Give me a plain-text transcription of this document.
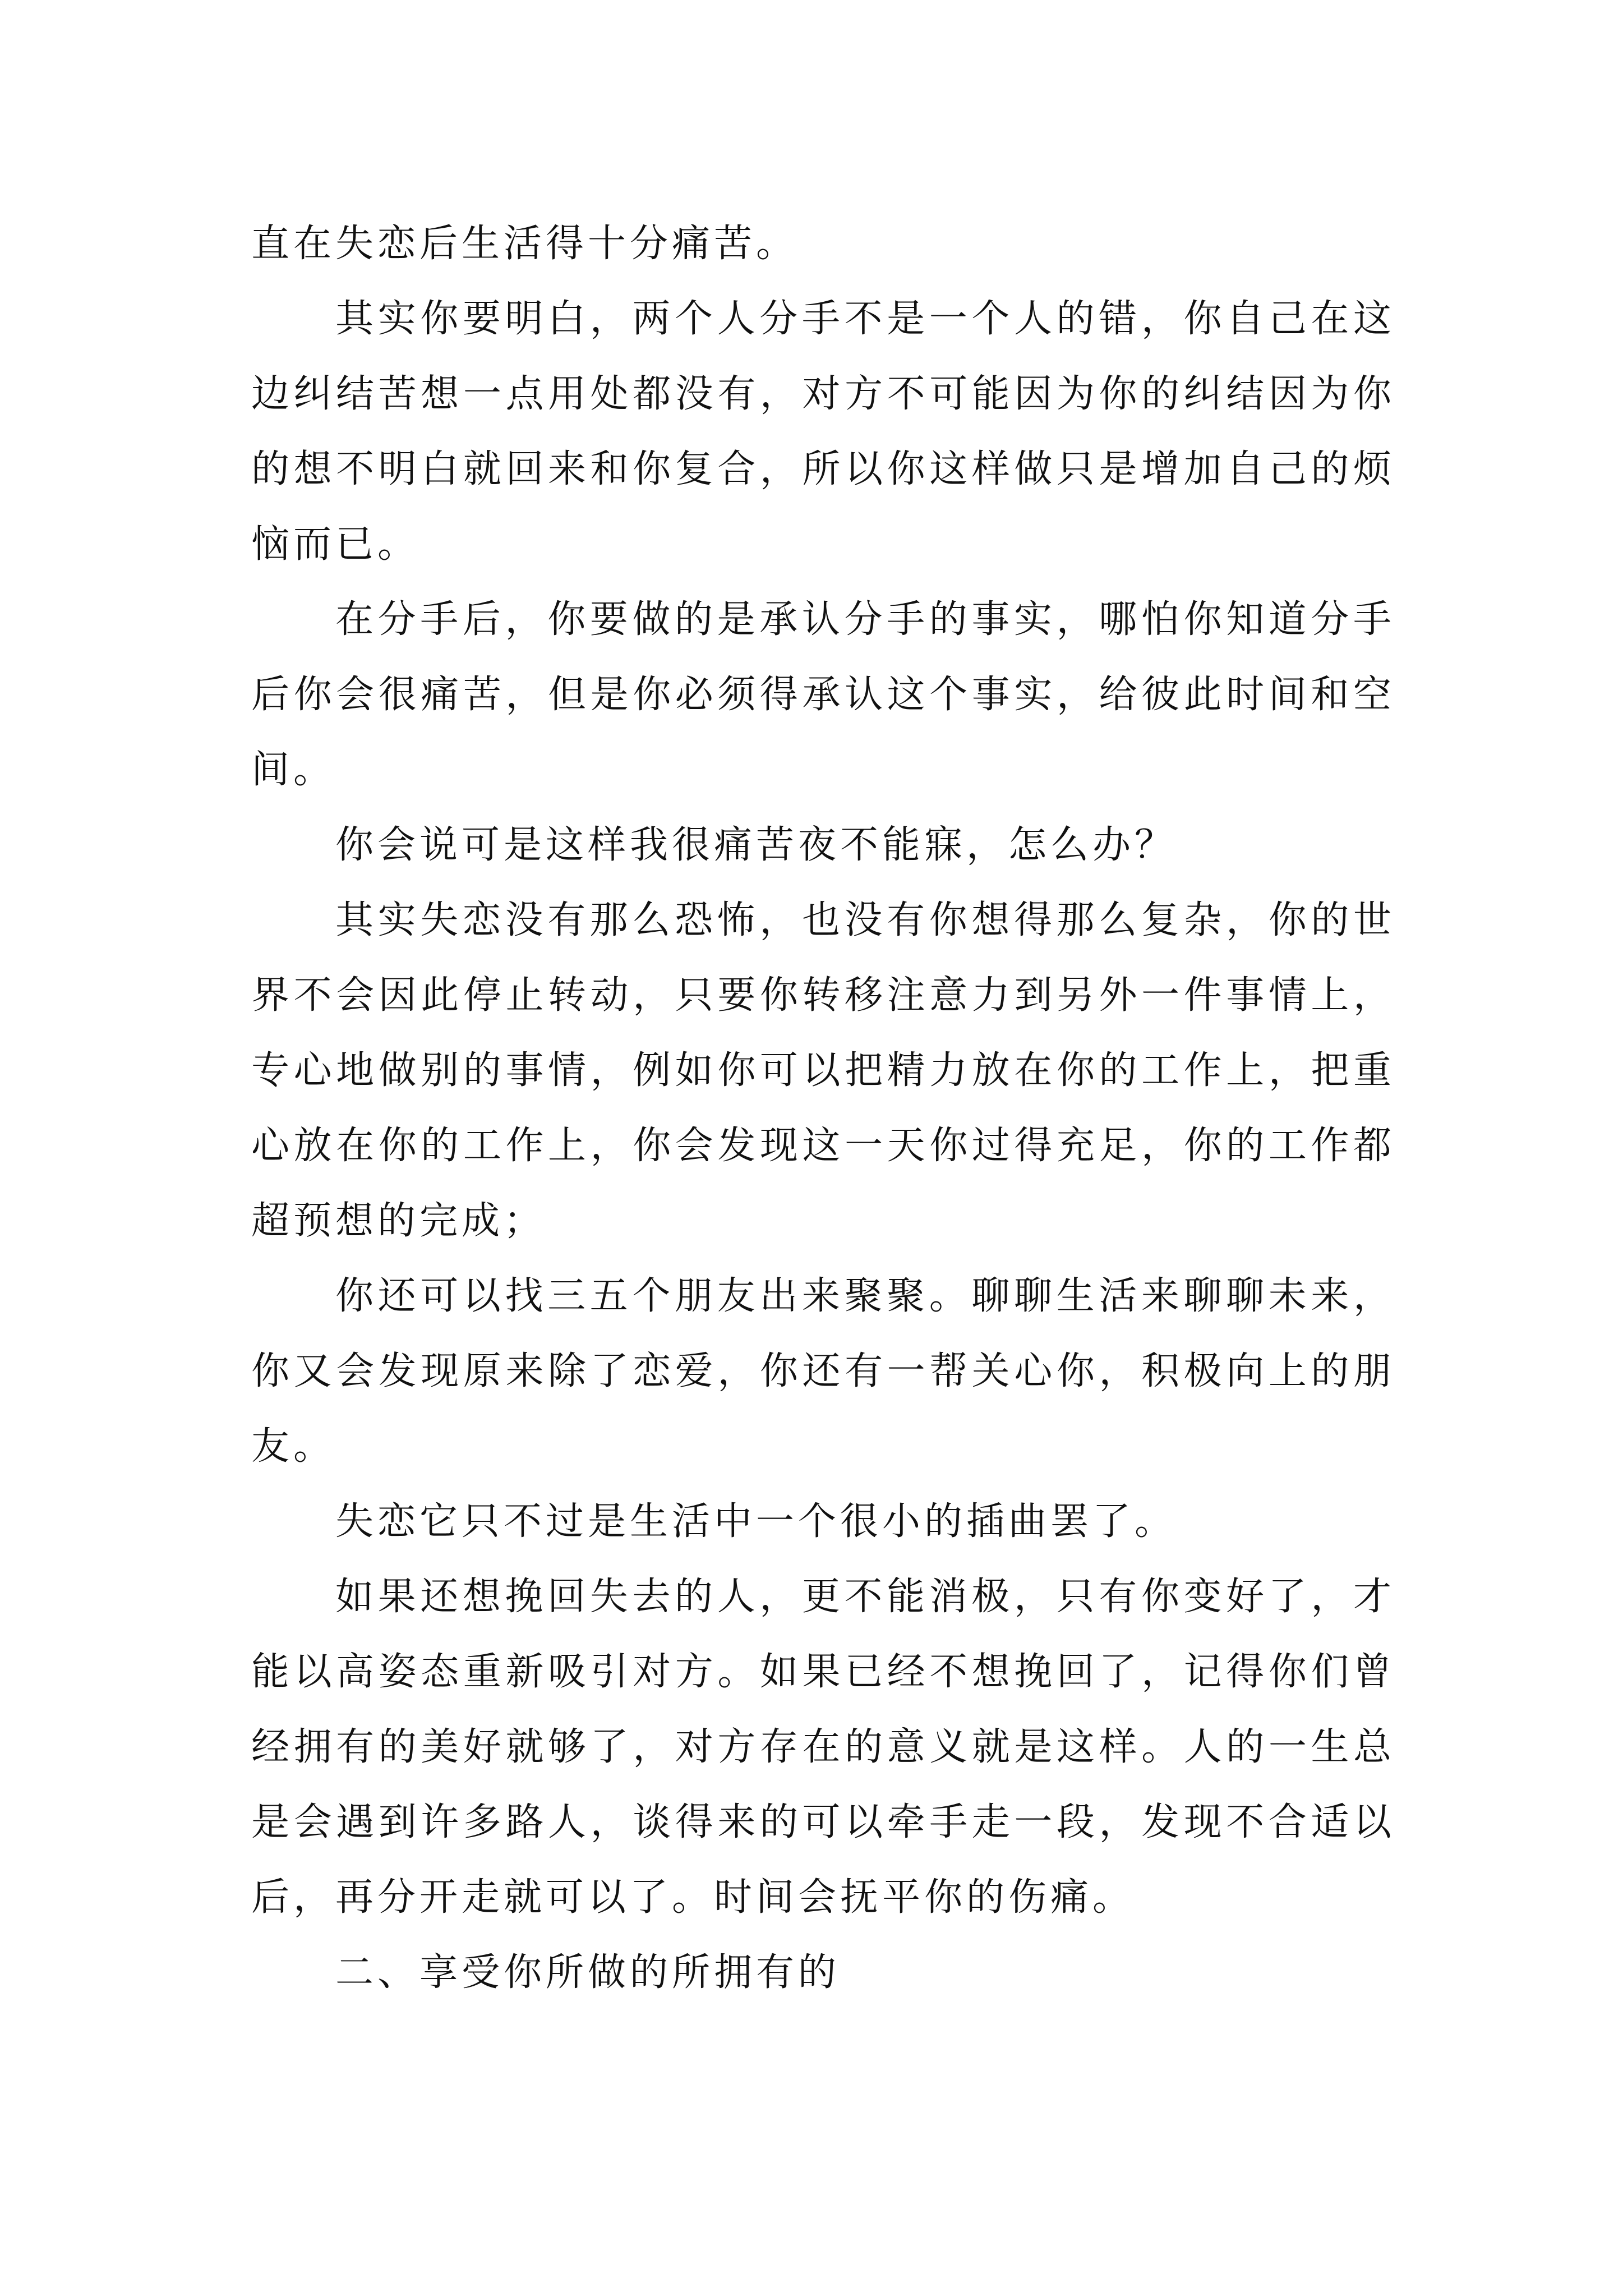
直在失恋后生活得十分痛苦。

其实你要明白，两个人分手不是一个人的错，你自己在这边纠结苦想一点用处都没有，对方不可能因为你的纠结因为你的想不明白就回来和你复合，所以你这样做只是增加自己的烦恼而已。

在分手后，你要做的是承认分手的事实，哪怕你知道分手后你会很痛苦，但是你必须得承认这个事实，给彼此时间和空间。

你会说可是这样我很痛苦夜不能寐，怎么办？

其实失恋没有那么恐怖，也没有你想得那么复杂，你的世界不会因此停止转动，只要你转移注意力到另外一件事情上，专心地做别的事情，例如你可以把精力放在你的工作上，把重心放在你的工作上，你会发现这一天你过得充足，你的工作都超预想的完成；

你还可以找三五个朋友出来聚聚。聊聊生活来聊聊未来，你又会发现原来除了恋爱，你还有一帮关心你，积极向上的朋友。

失恋它只不过是生活中一个很小的插曲罢了。

如果还想挽回失去的人，更不能消极，只有你变好了，才能以高姿态重新吸引对方。如果已经不想挽回了，记得你们曾经拥有的美好就够了，对方存在的意义就是这样。人的一生总是会遇到许多路人，谈得来的可以牵手走一段，发现不合适以后，再分开走就可以了。时间会抚平你的伤痛。

二、享受你所做的所拥有的
